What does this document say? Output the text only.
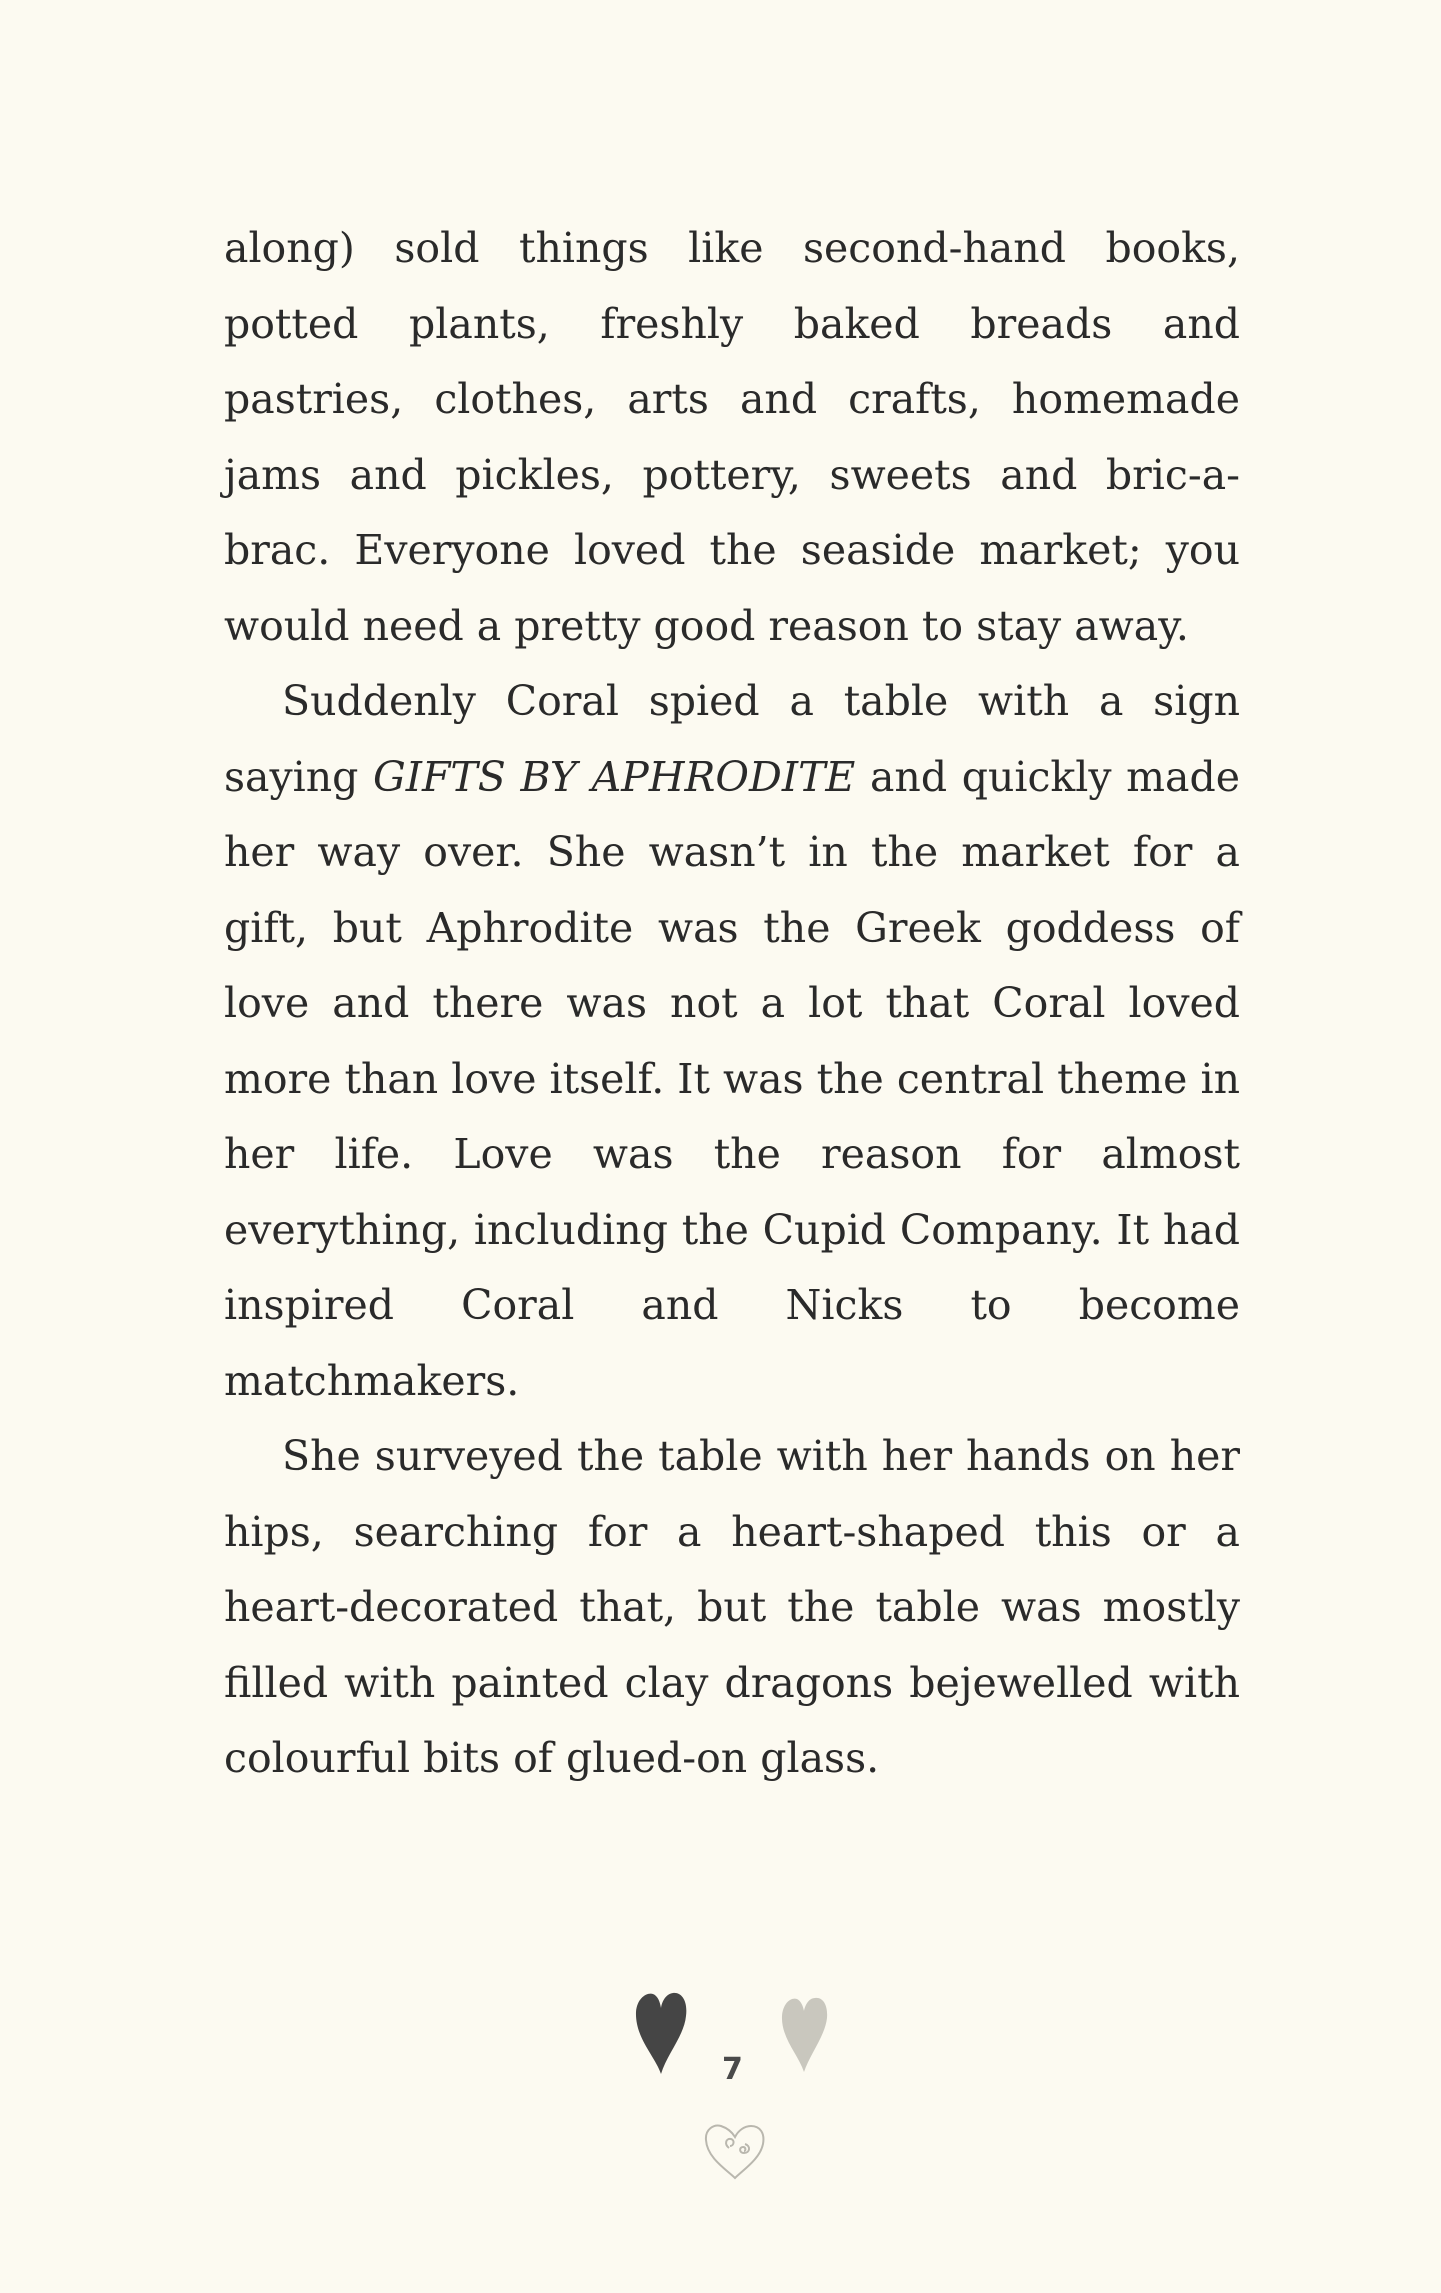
along) sold things like second-hand books, potted plants, freshly baked breads and pastries, clothes, arts and crafts, homemade jams and pickles, pottery, sweets and bric-a-brac. Everyone loved the seaside market; you would need a pretty good reason to stay away.

Suddenly Coral spied a table with a sign saying GIFTS BY APHRODITE and quickly made her way over. She wasn’t in the market for a gift, but Aphrodite was the Greek goddess of love and there was not a lot that Coral loved more than love itself. It was the central theme in her life. Love was the reason for almost everything, including the Cupid Company. It had inspired Coral and Nicks to become matchmakers.

She surveyed the table with her hands on her hips, searching for a heart-shaped this or a heart-decorated that, but the table was mostly filled with painted clay dragons bejewelled with colourful bits of glued-on glass.

7
